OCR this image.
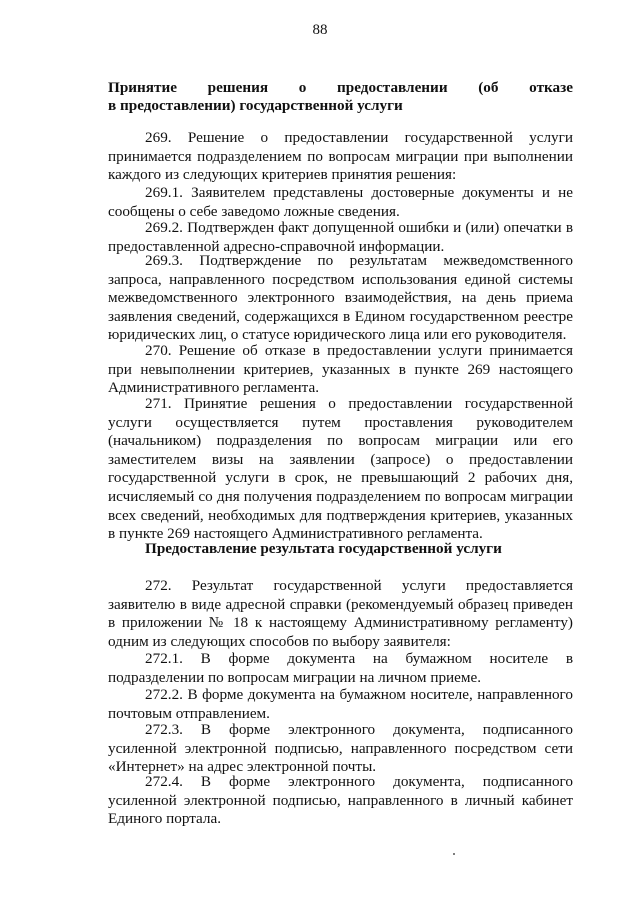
88
Принятие решения о предоставлении (об отказе
в предоставлении) государственной услуги
269. Решение о предоставлении государственной услуги принимается подразделением по вопросам миграции при выполнении каждого из следующих критериев принятия решения:
269.1. Заявителем представлены достоверные документы и не сообщены о себе заведомо ложные сведения.
269.2. Подтвержден факт допущенной ошибки и (или) опечатки в предоставленной адресно-справочной информации.
269.3. Подтверждение по результатам межведомственного запроса, направленного посредством использования единой системы межведомственного электронного взаимодействия, на день приема заявления сведений, содержащихся в Едином государственном реестре юридических лиц, о статусе юридического лица или его руководителя.
270. Решение об отказе в предоставлении услуги принимается при невыполнении критериев, указанных в пункте 269 настоящего Административного регламента.
271. Принятие решения о предоставлении государственной услуги осуществляется путем проставления руководителем (начальником) подразделения по вопросам миграции или его заместителем визы на заявлении (запросе) о предоставлении государственной услуги в срок, не превышающий 2 рабочих дня, исчисляемый со дня получения подразделением по вопросам миграции всех сведений, необходимых для подтверждения критериев, указанных в пункте 269 настоящего Административного регламента.
Предоставление результата государственной услуги
272. Результат государственной услуги предоставляется заявителю в виде адресной справки (рекомендуемый образец приведен в приложении № 18 к настоящему Административному регламенту) одним из следующих способов по выбору заявителя:
272.1. В форме документа на бумажном носителе в подразделении по вопросам миграции на личном приеме.
272.2. В форме документа на бумажном носителе, направленного почтовым отправлением.
272.3. В форме электронного документа, подписанного усиленной электронной подписью, направленного посредством сети «Интернет» на адрес электронной почты.
272.4. В форме электронного документа, подписанного усиленной электронной подписью, направленного в личный кабинет Единого портала.
